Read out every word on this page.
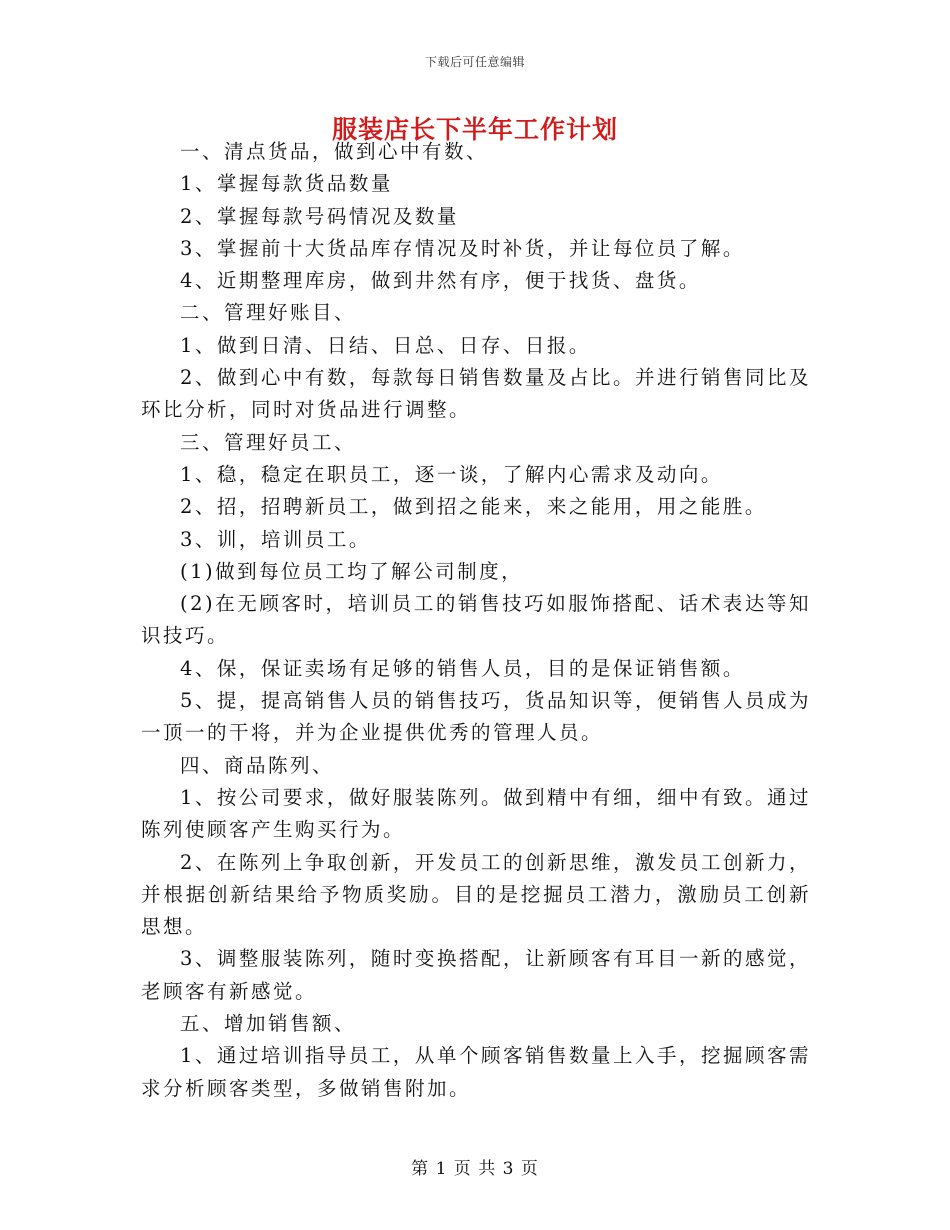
下载后可任意编辑
服装店长下半年工作计划

一、清点货品，做到心中有数、

1、掌握每款货品数量

2、掌握每款号码情况及数量

3、掌握前十大货品库存情况及时补货，并让每位员了解。

4、近期整理库房，做到井然有序，便于找货、盘货。

二、管理好账目、

1、做到日清、日结、日总、日存、日报。

2、做到心中有数，每款每日销售数量及占比。并进行销售同比及环比分析，同时对货品进行调整。

三、管理好员工、

1、稳，稳定在职员工，逐一谈，了解内心需求及动向。

2、招，招聘新员工，做到招之能来，来之能用，用之能胜。

3、训，培训员工。

(1)做到每位员工均了解公司制度，

(2)在无顾客时，培训员工的销售技巧如服饰搭配、话术表达等知识技巧。

4、保，保证卖场有足够的销售人员，目的是保证销售额。

5、提，提高销售人员的销售技巧，货品知识等，便销售人员成为一顶一的干将，并为企业提供优秀的管理人员。

四、商品陈列、

1、按公司要求，做好服装陈列。做到精中有细，细中有致。通过陈列使顾客产生购买行为。

2、在陈列上争取创新，开发员工的创新思维，激发员工创新力，并根据创新结果给予物质奖励。目的是挖掘员工潜力，激励员工创新思想。

3、调整服装陈列，随时变换搭配，让新顾客有耳目一新的感觉，老顾客有新感觉。

五、增加销售额、

1、通过培训指导员工，从单个顾客销售数量上入手，挖掘顾客需求分析顾客类型，多做销售附加。

第 1 页 共 3 页
